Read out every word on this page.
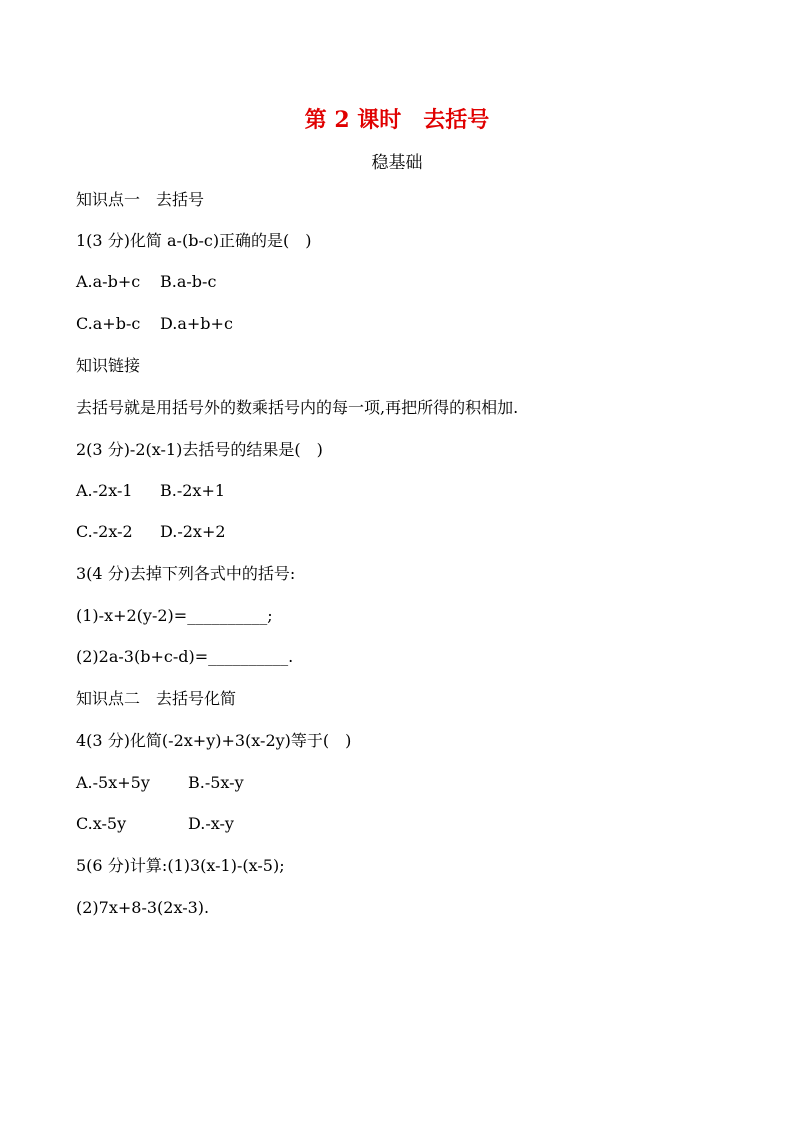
第 2 课时　去括号
稳基础
知识点一　去括号
1(3 分)化简 a-(b-c)正确的是(　)
A.a-b+c B.a-b-c
C.a+b-c D.a+b+c
知识链接
去括号就是用括号外的数乘括号内的每一项,再把所得的积相加.
2(3 分)-2(x-1)去括号的结果是(　)
A.-2x-1 B.-2x+1
C.-2x-2 D.-2x+2
3(4 分)去掉下列各式中的括号:
(1)-x+2(y-2)=__________;
(2)2a-3(b+c-d)=__________.
知识点二　去括号化简
4(3 分)化简(-2x+y)+3(x-2y)等于(　)
A.-5x+5y B.-5x-y
C.x-5y	D.-x-y
5(6 分)计算:(1)3(x-1)-(x-5);
(2)7x+8-3(2x-3).
